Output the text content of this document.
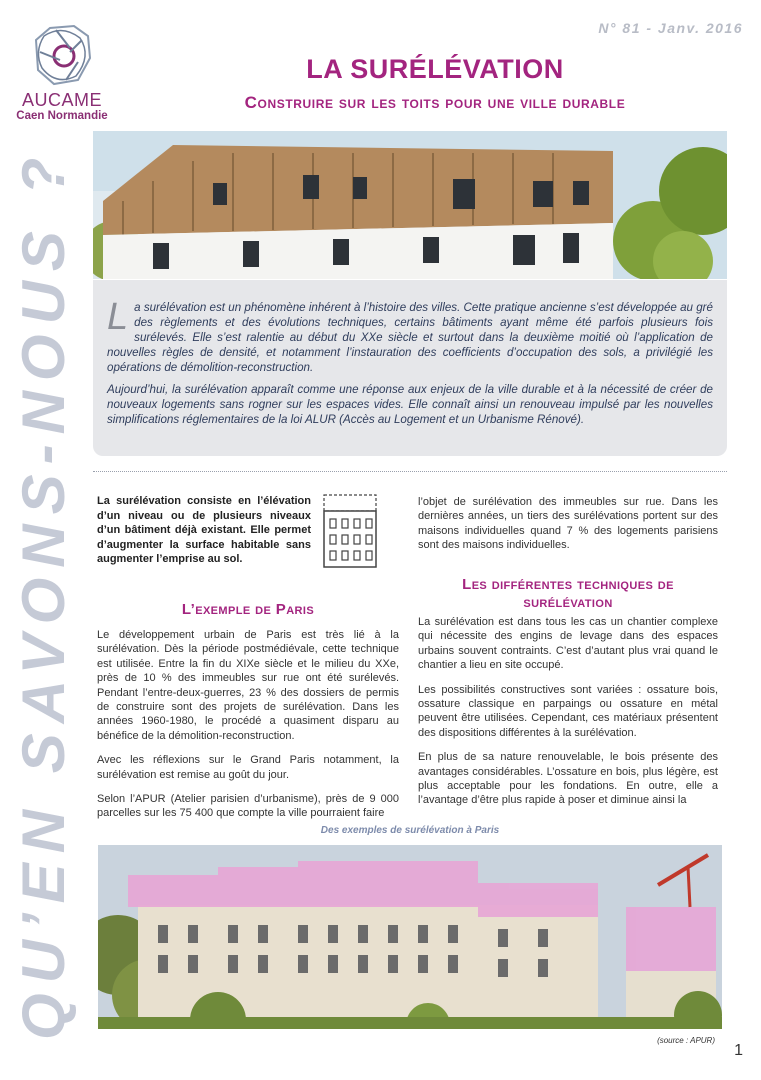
QU’EN SAVONS-NOUS ?
AUCAME
Caen Normandie
N° 81 - Janv. 2016
LA SURÉLÉVATION
Construire sur les toits pour une ville durable

La surélévation est un phénomène inhérent à l’histoire des villes. Cette pratique ancienne s’est développée au gré des règlements et des évolutions techniques, certains bâtiments ayant même été parfois plusieurs fois surélevés. Elle s’est ralentie au début du XXe siècle et surtout dans la deuxième moitié où l’application de nouvelles règles de densité, et notamment l’instauration des coefficients d’occupation des sols, a privilégié les opérations de démolition-reconstruction.

Aujourd’hui, la surélévation apparaît comme une réponse aux enjeux de la ville durable et à la nécessité de créer de nouveaux logements sans rogner sur les espaces vides. Elle connaît ainsi un renouveau impulsé par les nouvelles simplifications réglementaires de la loi ALUR (Accès au Logement et un Urbanisme Rénové).

La surélévation consiste en l’élévation d’un niveau ou de plusieurs niveaux d’un bâtiment déjà existant. Elle permet d’augmenter la surface habitable sans augmenter l’emprise au sol.
L’exemple de Paris

Le développement urbain de Paris est très lié à la surélévation. Dès la période postmédiévale, cette technique est utilisée. Entre la fin du XIXe siècle et le milieu du XXe, près de 10 % des immeubles sur rue ont été surélevés. Pendant l’entre-deux-guerres, 23 % des dossiers de permis de construire sont des projets de surélévation. Dans les années 1960-1980, le procédé a quasiment disparu au bénéfice de la démolition-reconstruction.

Avec les réflexions sur le Grand Paris notamment, la surélévation est remise au goût du jour.

Selon l’APUR (Atelier parisien d’urbanisme), près de 9 000 parcelles sur les 75 400 que compte la ville pourraient faire

l’objet de surélévation des immeubles sur rue. Dans les dernières années, un tiers des surélévations portent sur des maisons individuelles quand 7 % des logements parisiens sont des maisons individuelles.

Les différentes techniques de surélévation

La surélévation est dans tous les cas un chantier complexe qui nécessite des engins de levage dans des espaces urbains souvent contraints. C’est d’autant plus vrai quand le chantier a lieu en site occupé.

Les possibilités constructives sont variées : ossature bois, ossature classique en parpaings ou ossature en métal peuvent être utilisées. Cependant, ces matériaux présentent des dispositions différentes à la surélévation.

En plus de sa nature renouvelable, le bois présente des avantages considérables. L’ossature en bois, plus légère, est plus acceptable pour les fondations. En outre, elle a l’avantage d’être plus rapide à poser et diminue ainsi la

Des exemples de surélévation à Paris
(source : APUR)
1
